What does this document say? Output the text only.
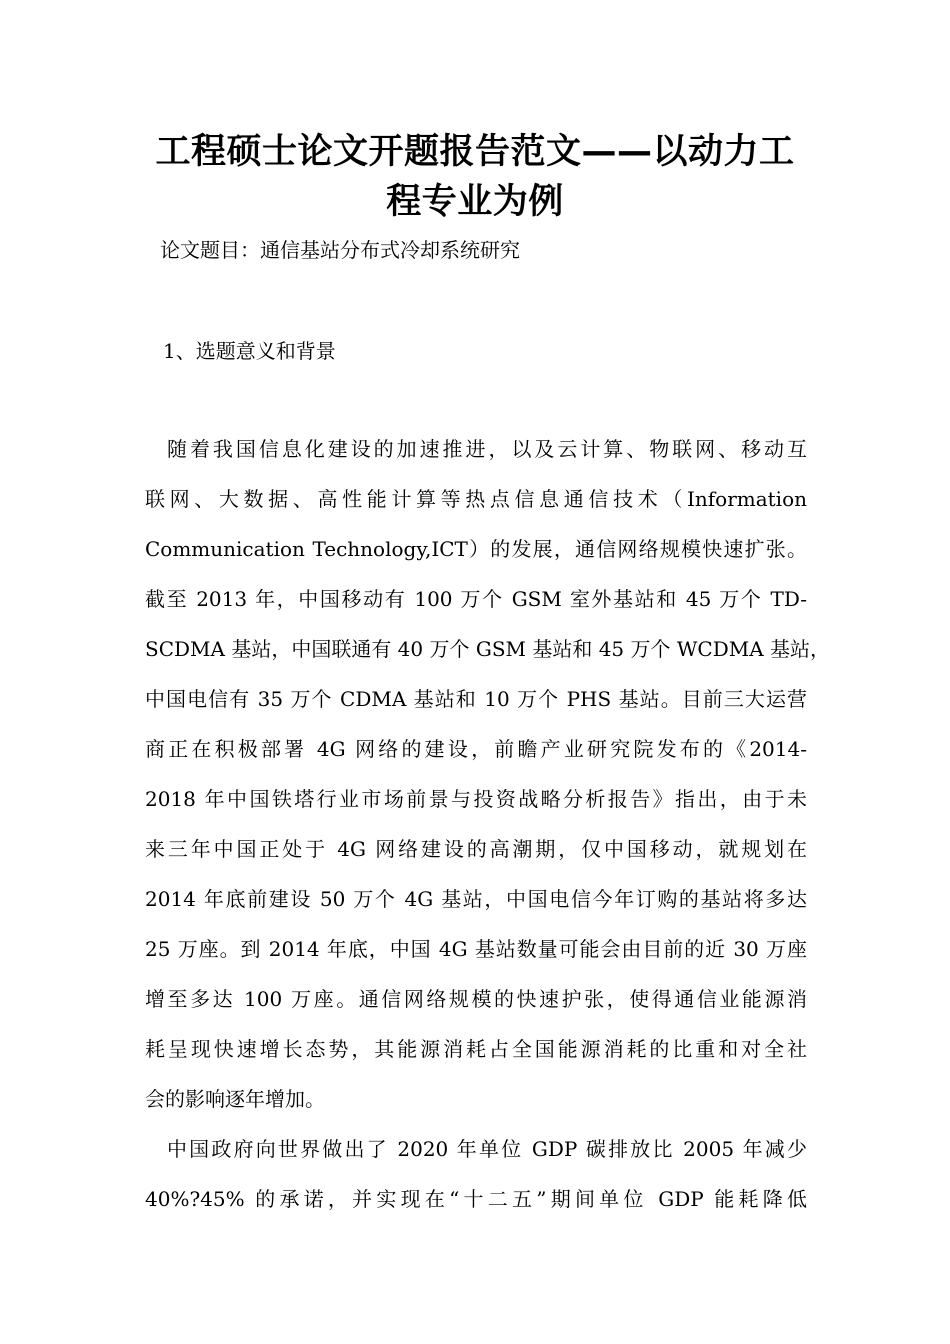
工程硕士论文开题报告范文——以动力工
程专业为例

论文题目：通信基站分布式冷却系统研究

1、选题意义和背景

随着我国信息化建设的加速推进，以及云计算、物联网、移动互
联网、大数据、高性能计算等热点信息通信技术（Information
Communication Technology,ICT）的发展，通信网络规模快速扩张。
截至 2013 年，中国移动有 100 万个 GSM 室外基站和 45 万个 TD-
SCDMA 基站，中国联通有 40 万个 GSM 基站和 45 万个 WCDMA 基站，
中国电信有 35 万个 CDMA 基站和 10 万个 PHS 基站。目前三大运营
商正在积极部署 4G 网络的建设，前瞻产业研究院发布的《2014-
2018 年中国铁塔行业市场前景与投资战略分析报告》指出，由于未
来三年中国正处于 4G 网络建设的高潮期，仅中国移动，就规划在
2014 年底前建设 50 万个 4G 基站，中国电信今年订购的基站将多达
25 万座。到 2014 年底，中国 4G 基站数量可能会由目前的近 30 万座
增至多达 100 万座。通信网络规模的快速护张，使得通信业能源消
耗呈现快速增长态势，其能源消耗占全国能源消耗的比重和对全社
会的影响逐年增加。
中国政府向世界做出了 2020 年单位 GDP 碳排放比 2005 年减少
40%?45% 的承诺，并实现在“十二五”期间单位 GDP 能耗降低
